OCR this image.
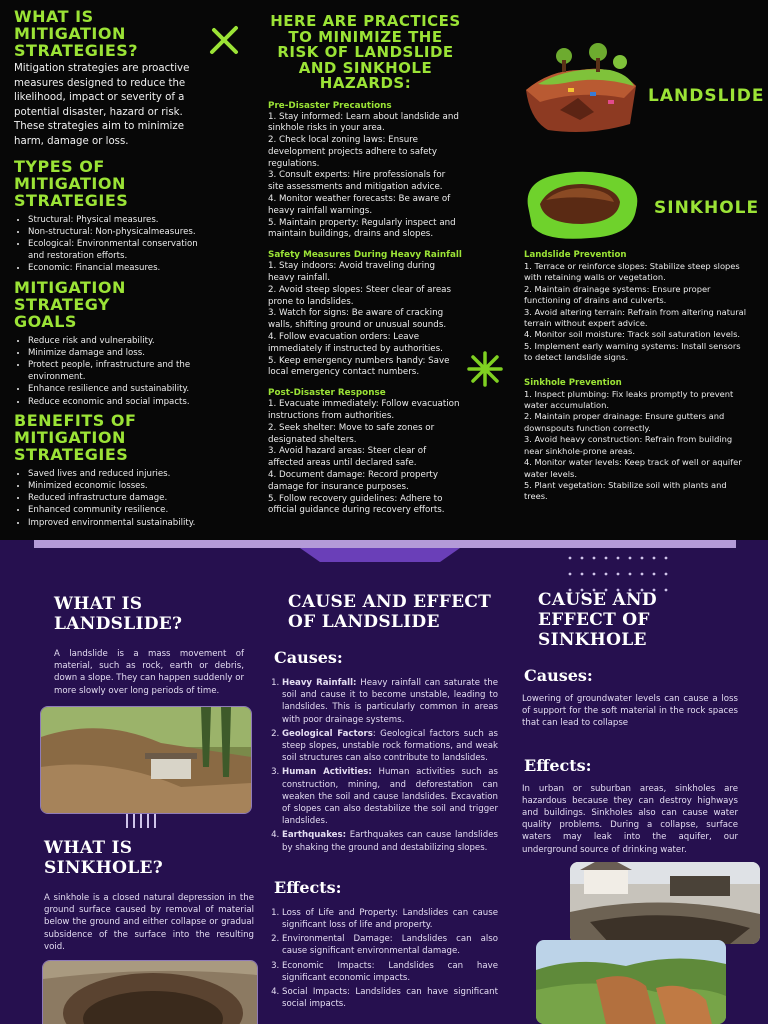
WHAT IS MITIGATION STRATEGIES?

Mitigation strategies are proactive measures designed to reduce the likelihood, impact or severity of a potential disaster, hazard or risk. These strategies aim to minimize harm, damage or loss.

TYPES OF MITIGATION STRATEGIES
• Structural: Physical measures.
• Non-structural: Non-physicalmeasures.
• Ecological: Environmental conservation and restoration efforts.
• Economic: Financial measures.
MITIGATION STRATEGY GOALS
• Reduce risk and vulnerability.
• Minimize damage and loss.
• Protect people, infrastructure and the environment.
• Enhance resilience and sustainability.
• Reduce economic and social impacts.
BENEFITS OF MITIGATION STRATEGIES
• Saved lives and reduced injuries.
• Minimized economic losses.
• Reduced infrastructure damage.
• Enhanced community resilience.
• Improved environmental sustainability.
HERE ARE PRACTICES TO MINIMIZE THE RISK OF LANDSLIDE AND SINKHOLE HAZARDS:
Pre-Disaster Precautions
1. Stay informed: Learn about landslide and sinkhole risks in your area.
2. Check local zoning laws: Ensure development projects adhere to safety regulations.
3. Consult experts: Hire professionals for site assessments and mitigation advice.
4. Monitor weather forecasts: Be aware of heavy rainfall warnings.
5. Maintain property: Regularly inspect and maintain buildings, drains and slopes.
Safety Measures During Heavy Rainfall
1. Stay indoors: Avoid traveling during heavy rainfall.
2. Avoid steep slopes: Steer clear of areas prone to landslides.
3. Watch for signs: Be aware of cracking walls, shifting ground or unusual sounds.
4. Follow evacuation orders: Leave immediately if instructed by authorities.
5. Keep emergency numbers handy: Save local emergency contact numbers.
Post-Disaster Response
1. Evacuate immediately: Follow evacuation instructions from authorities.
2. Seek shelter: Move to safe zones or designated shelters.
3. Avoid hazard areas: Steer clear of affected areas until declared safe.
4. Document damage: Record property damage for insurance purposes.
5. Follow recovery guidelines: Adhere to official guidance during recovery efforts.
LANDSLIDE
SINKHOLE
Landslide Prevention
1. Terrace or reinforce slopes: Stabilize steep slopes with retaining walls or vegetation.
2. Maintain drainage systems: Ensure proper functioning of drains and culverts.
3. Avoid altering terrain: Refrain from altering natural terrain without expert advice.
4. Monitor soil moisture: Track soil saturation levels.
5. Implement early warning systems: Install sensors to detect landslide signs.
Sinkhole Prevention
1. Inspect plumbing: Fix leaks promptly to prevent water accumulation.
2. Maintain proper drainage: Ensure gutters and downspouts function correctly.
3. Avoid heavy construction: Refrain from building near sinkhole-prone areas.
4. Monitor water levels: Keep track of well or aquifer water levels.
5. Plant vegetation: Stabilize soil with plants and trees.
WHAT IS LANDSLIDE?
A landslide is a mass movement of material, such as rock, earth or debris, down a slope. They can happen suddenly or more slowly over long periods of time.
WHAT IS SINKHOLE?
A sinkhole is a closed natural depression in the ground surface caused by removal of material below the ground and either collapse or gradual subsidence of the surface into the resulting void.
CAUSE AND EFFECT OF LANDSLIDE
Causes:
1. Heavy Rainfall: Heavy rainfall can saturate the soil and cause it to become unstable, leading to landslides. This is particularly common in areas with poor drainage systems.
2. Geological Factors: Geological factors such as steep slopes, unstable rock formations, and weak soil structures can also contribute to landslides.
3. Human Activities: Human activities such as construction, mining, and deforestation can weaken the soil and cause landslides. Excavation of slopes can also destabilize the soil and trigger landslides.
4. Earthquakes: Earthquakes can cause landslides by shaking the ground and destabilizing slopes.
Effects:
1. Loss of Life and Property: Landslides can cause significant loss of life and property.
2. Environmental Damage: Landslides can also cause significant environmental damage.
3. Economic Impacts: Landslides can have significant economic impacts.
4. Social Impacts: Landslides can have significant social impacts.
CAUSE AND EFFECT OF SINKHOLE
Causes:
Lowering of groundwater levels can cause a loss of support for the soft material in the rock spaces that can lead to collapse
Effects:
In urban or suburban areas, sinkholes are hazardous because they can destroy highways and buildings. Sinkholes also can cause water quality problems. During a collapse, surface waters may leak into the aquifer, our underground source of drinking water.
